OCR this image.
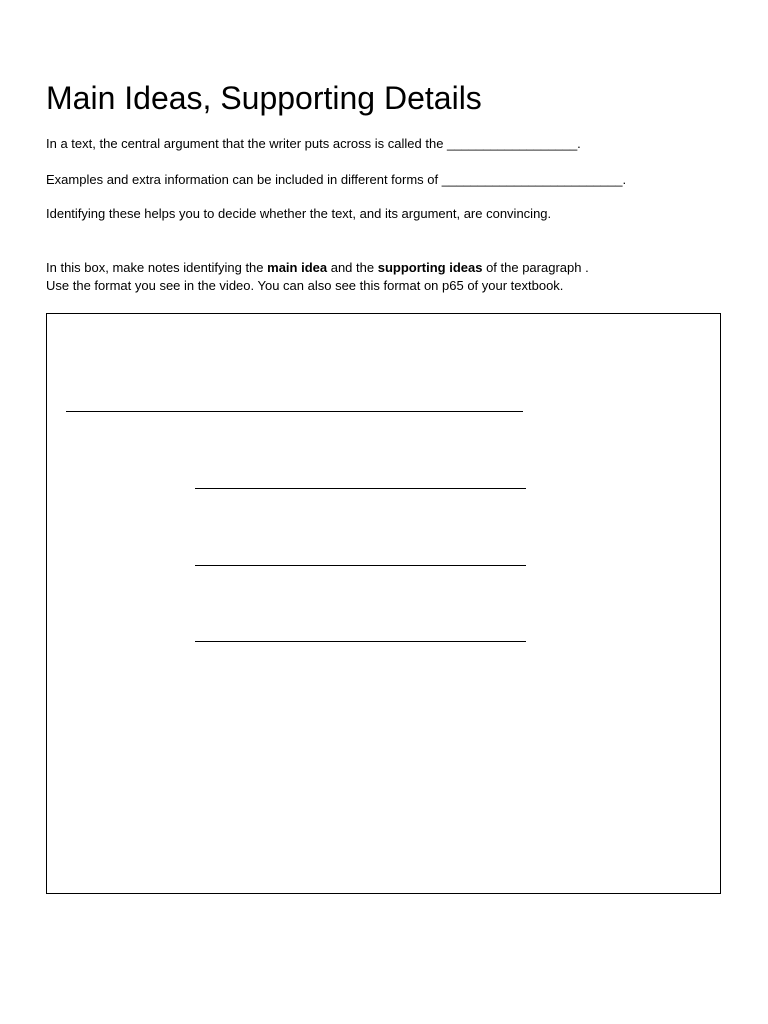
Main Ideas, Supporting Details

In a text, the central argument that the writer puts across is called the __________________.

Examples and extra information can be included in different forms of _________________________.

Identifying these helps you to decide whether the text, and its argument, are convincing.

In this box, make notes identifying the main idea and the supporting ideas of the paragraph .

Use the format you see in the video. You can also see this format on p65 of your textbook.
